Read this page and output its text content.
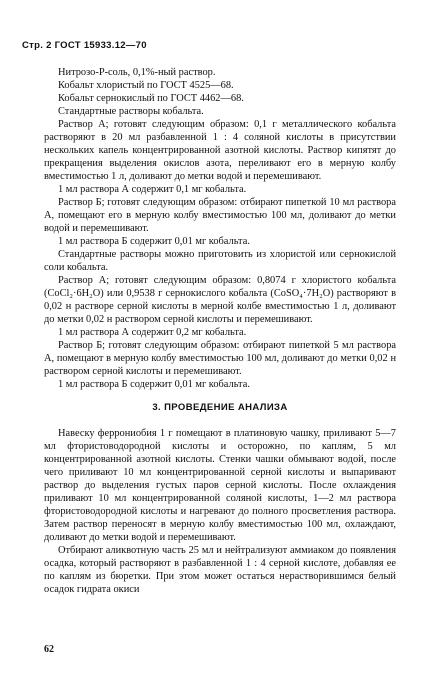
Стр. 2 ГОСТ 15933.12—70

Нитрозо-Р-соль, 0,1%-ный раствор.

Кобальт хлористый по ГОСТ 4525—68.

Кобальт сернокислый по ГОСТ 4462—68.

Стандартные растворы кобальта.

Раствор А; готовят следующим образом: 0,1 г металлического кобальта растворяют в 20 мл разбавленной 1 : 4 соляной кислоты в присутствии нескольких капель концентрированной азотной кислоты. Раствор кипятят до прекращения выделения окислов азота, переливают его в мерную колбу вместимостью 1 л, доливают до метки водой и перемешивают.

1 мл раствора А содержит 0,1 мг кобальта.

Раствор Б; готовят следующим образом: отбирают пипеткой 10 мл раствора А, помещают его в мерную колбу вместимостью 100 мл, доливают до метки водой и перемешивают.

1 мл раствора Б содержит 0,01 мг кобальта.

Стандартные растворы можно приготовить из хлористой или сернокислой соли кобальта.

Раствор А; готовят следующим образом: 0,8074 г хлористого кобальта (CoCl₂·6H₂O) или 0,9538 г сернокислого кобальта (CoSO₄·7H₂O) растворяют в 0,02 н растворе серной кислоты в мерной колбе вместимостью 1 л, доливают до метки 0,02 н раствором серной кислоты и перемешивают.

1 мл раствора А содержит 0,2 мг кобальта.

Раствор Б; готовят следующим образом: отбирают пипеткой 5 мл раствора А, помещают в мерную колбу вместимостью 100 мл, доливают до метки 0,02 н раствором серной кислоты и перемешивают.

1 мл раствора Б содержит 0,01 мг кобальта.

3. ПРОВЕДЕНИЕ АНАЛИЗА

Навеску феррониобия 1 г помещают в платиновую чашку, приливают 5—7 мл фтористоводородной кислоты и осторожно, по каплям, 5 мл концентрированной азотной кислоты. Стенки чашки обмывают водой, после чего приливают 10 мл концентрированной серной кислоты и выпаривают раствор до выделения густых паров серной кислоты. После охлаждения приливают 10 мл концентрированной соляной кислоты, 1—2 мл раствора фтористоводородной кислоты и нагревают до полного просветления раствора. Затем раствор переносят в мерную колбу вместимостью 100 мл, охлаждают, доливают до метки водой и перемешивают.

Отбирают аликвотную часть 25 мл и нейтрализуют аммиаком до появления осадка, который растворяют в разбавленной 1 : 4 серной кислоте, добавляя ее по каплям из бюретки. При этом может остаться нерастворившимся белый осадок гидрата окиси

62
